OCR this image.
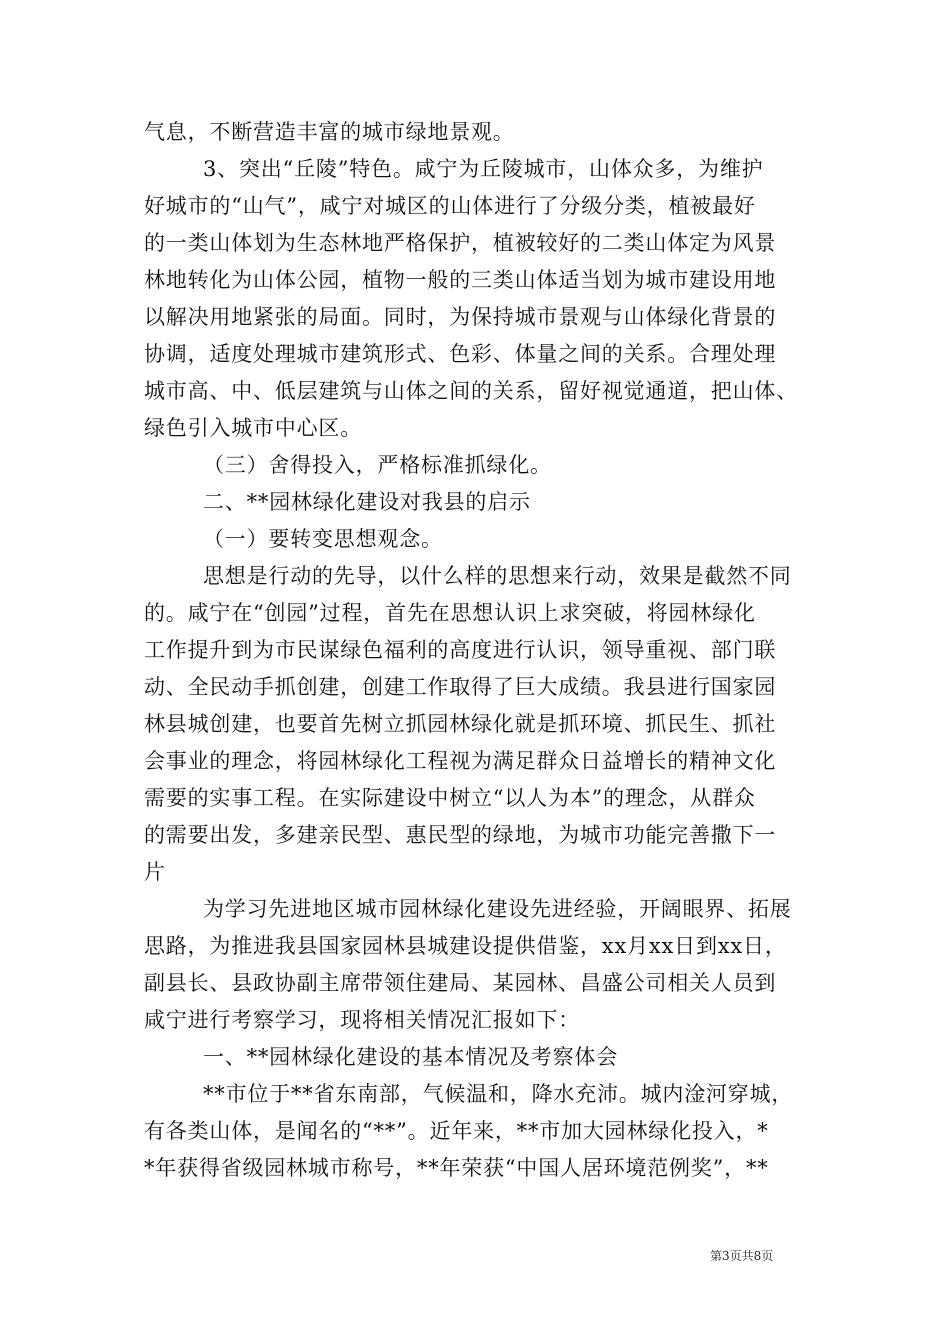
气息，不断营造丰富的城市绿地景观。
3、突出“丘陵”特色。咸宁为丘陵城市，山体众多，为维护
好城市的“山气”，咸宁对城区的山体进行了分级分类，植被最好
的一类山体划为生态林地严格保护，植被较好的二类山体定为风景
林地转化为山体公园，植物一般的三类山体适当划为城市建设用地
以解决用地紧张的局面。同时，为保持城市景观与山体绿化背景的
协调，适度处理城市建筑形式、色彩、体量之间的关系。合理处理
城市高、中、低层建筑与山体之间的关系，留好视觉通道，把山体、
绿色引入城市中心区。
（三）舍得投入，严格标准抓绿化。
二、**园林绿化建设对我县的启示
（一）要转变思想观念。
思想是行动的先导，以什么样的思想来行动，效果是截然不同
的。咸宁在“创园”过程，首先在思想认识上求突破，将园林绿化
工作提升到为市民谋绿色福利的高度进行认识，领导重视、部门联
动、全民动手抓创建，创建工作取得了巨大成绩。我县进行国家园
林县城创建，也要首先树立抓园林绿化就是抓环境、抓民生、抓社
会事业的理念，将园林绿化工程视为满足群众日益增长的精神文化
需要的实事工程。在实际建设中树立“以人为本”的理念，从群众
的需要出发，多建亲民型、惠民型的绿地，为城市功能完善撒下一
片
为学习先进地区城市园林绿化建设先进经验，开阔眼界、拓展
思路，为推进我县国家园林县城建设提供借鉴，xx月xx日到xx日，
副县长、县政协副主席带领住建局、某园林、昌盛公司相关人员到
咸宁进行考察学习，现将相关情况汇报如下：
一、**园林绿化建设的基本情况及考察体会
**市位于**省东南部，气候温和，降水充沛。城内淦河穿城，
有各类山体，是闻名的“**”。近年来，**市加大园林绿化投入，*
*年获得省级园林城市称号，**年荣获“中国人居环境范例奖”，**
第3页共8页
